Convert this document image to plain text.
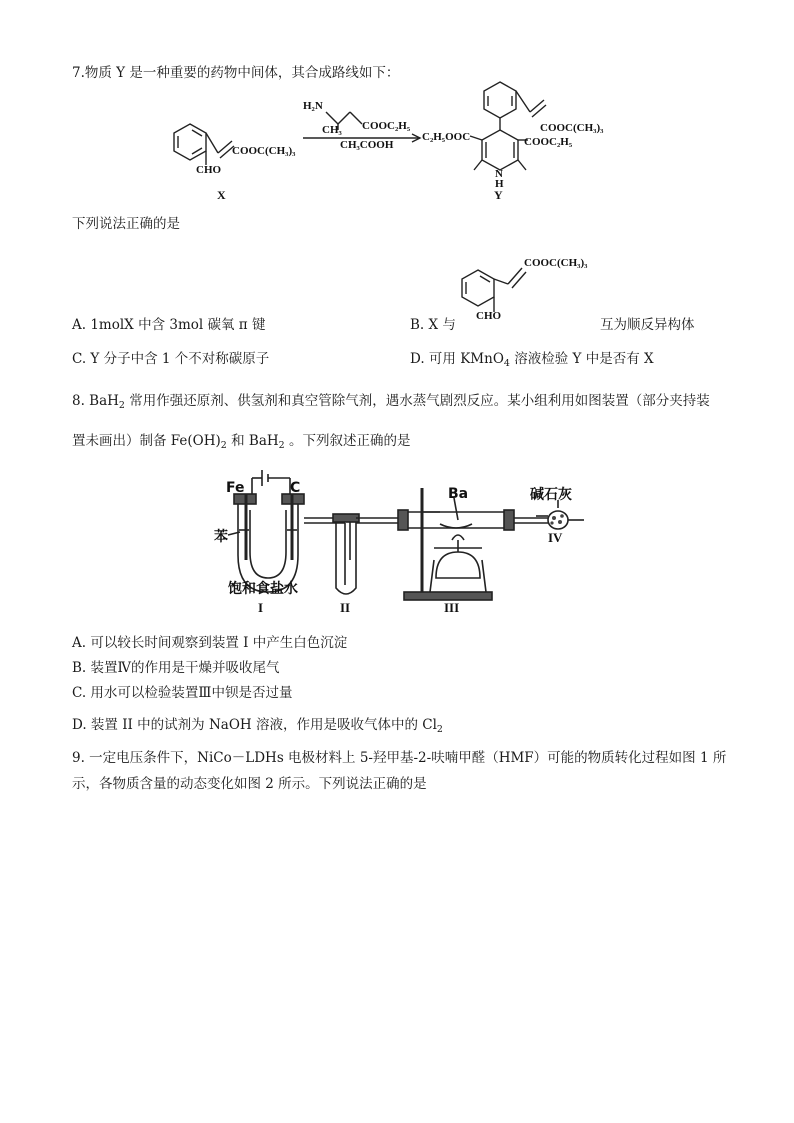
7.物质 Y 是一种重要的药物中间体，其合成路线如下：
COOC(CH₃)₃
CHO
X
H₂N
CH₃ COOC₂H₅
CH₃COOH
C₂H₅OOC
COOC(CH₃)₃
COOC₂H₅
N
H
Y
下列说法正确的是
COOC(CH₃)₃
CHO
A. 1molX 中含 3mol 碳氧 π 键	B. X 与	互为顺反异构体
C. Y 分子中含 1 个不对称碳原子	D. 可用 KMnO$_4$ 溶液检验 Y 中是否有 X
8. BaH$_2$ 常用作强还原剂、供氢剂和真空管除气剂，遇水蒸气剧烈反应。某小组利用如图装置（部分夹持装
置未画出）制备 $Fe(OH)_2$ 和 BaH$_2$ 。下列叙述正确的是
Fe	C
苯
饱和食盐水
Ba	碱石灰
I	II	III
IV
A. 可以较长时间观察到装置 I 中产生白色沉淀
B. 装置Ⅳ的作用是干燥并吸收尾气
C. 用水可以检验装置Ⅲ中钡是否过量
D. 装置 II 中的试剂为 NaOH 溶液，作用是吸收气体中的 $Cl_2$
9. 一定电压条件下，NiCo－LDHs 电极材料上 5-羟甲基-2-呋喃甲醛（HMF）可能的物质转化过程如图 1 所
示，各物质含量的动态变化如图 2 所示。下列说法正确的是
